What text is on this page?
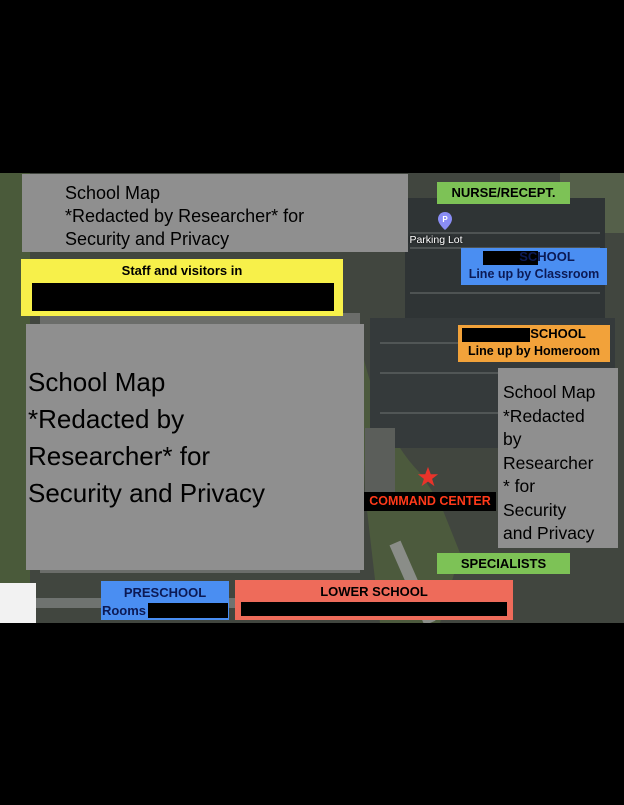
School Map
*Redacted by Researcher* for
Security and Privacy
Staff and visitors in
School Map
*Redacted by
Researcher* for
Security and Privacy
School Map
*Redacted
by
Researcher
* for
Security
and Privacy
NURSE/RECEPT.
P
Parking Lot
SCHOOL
Line up by Classroom
SCHOOL
Line up by Homeroom
COMMAND CENTER
SPECIALISTS
PRESCHOOL
Rooms
LOWER SCHOOL
